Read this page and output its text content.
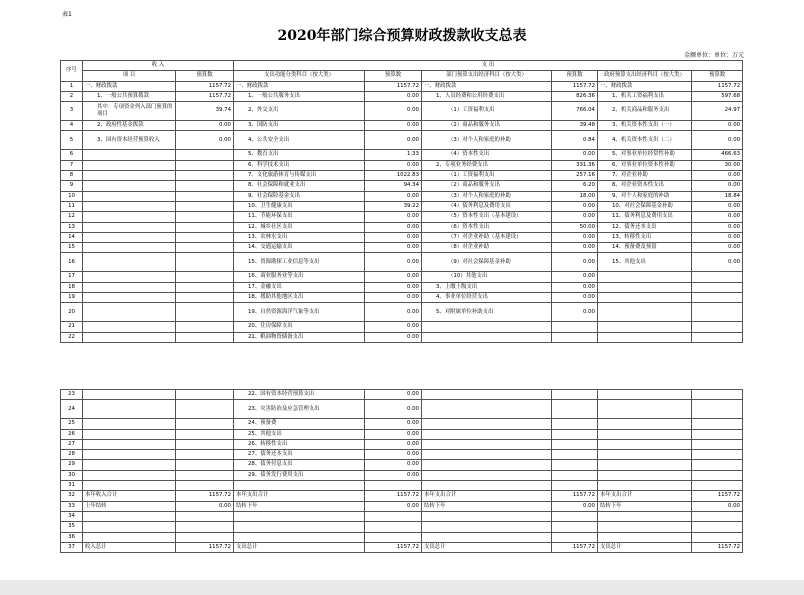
表1
2020年部门综合预算财政拨款收支总表
金额单位：单位：万元
序号	收 入		支 出					
	项 目	预算数	支出功能分类科目（按大类）	预算数	部门预算支出经济科目（按大类）	预算数	政府预算支出经济科目（按大类）	预算数
1	一、财政拨款	1157.72	一、财政拨款	1157.72	一、财政拨款	1157.72	一、财政拨款	1157.72
2	1、一般公共预算拨款	1157.72	1、一般公共服务支出	0.00	1、人员经费和公用经费支出	826.36	1、机关工资福利支出	597.68
3	其中：专项资金列入部门预算的项目	39.74	2、外交支出	0.00	（1）工资福利支出	766.04	2、机关商品和服务支出	24.97
4	2、政府性基金拨款	0.00	3、国防支出	0.00	（2）商品和服务支出	39.48	3、机关资本性支出（一）	0.00
5	3、国有资本经营预算收入	0.00	4、公共安全支出	0.00	（3）对个人和家庭的补助	0.84	4、机关资本性支出（二）	0.00
6			5、教育支出	1.33	（4）资本性支出	0.00	5、对事业单位经常性补助	466.63
7			6、科学技术支出	0.00	2、专项业务经费支出	331.36	6、对事业单位资本性补助	30.00
8			7、文化旅游体育与传媒支出	1022.83	（1）工资福利支出	257.16	7、对企业补助	0.00
9			8、社会保障和就业支出	94.34	（2）商品和服务支出	6.20	8、对企业资本性支出	0.00
10			9、社会保险基金支出	0.00	（3）对个人和家庭的补助	18.00	9、对个人和家庭的补助	18.84
11			10、卫生健康支出	39.22	（4）债务利息及费用支出	0.00	10、对社会保障基金补助	0.00
12			11、节能环保支出	0.00	（5）资本性支出（基本建设）	0.00	11、债务利息及费用支出	0.00
13			12、城乡社区支出	0.00	（6）资本性支出	50.00	12、债务还本支出	0.00
14			13、农林水支出	0.00	（7）对企业补助（基本建设）	0.00	13、转移性支出	0.00
15			14、交通运输支出	0.00	（8）对企业补助	0.00	14、预备费及预留	0.00
16			15、资源勘探工业信息等支出	0.00	（9）对社会保障基金补助	0.00	15、其他支出	0.00
17			16、商业服务业等支出	0.00	（10）其他支出	0.00		
18			17、金融支出	0.00	3、上缴上级支出	0.00		
19			18、援助其他地区支出	0.00	4、事业单位经营支出	0.00		
20			19、自然资源海洋气象等支出	0.00	5、对附属单位补助支出	0.00		
21			20、住房保障支出	0.00				
22			21、粮油物资储备支出	0.00				
23			22、国有资本经营预算支出	0.00				
24			23、灾害防治及应急管理支出	0.00				
25			24、预备费	0.00				
26			25、其他支出	0.00				
27			26、转移性支出	0.00				
28			27、债务还本支出	0.00				
29			28、债务付息支出	0.00				
30			29、债务发行费用支出	0.00				
31								
32	本年收入合计	1157.72	本年支出合计	1157.72	本年支出合计	1157.72	本年支出合计	1157.72
33	上年结转	0.00	结转下年	0.00	结转下年	0.00	结转下年	0.00
34								
35								
36								
37	收入总计	1157.72	支出总计	1157.72	支出总计	1157.72	支出总计	1157.72
